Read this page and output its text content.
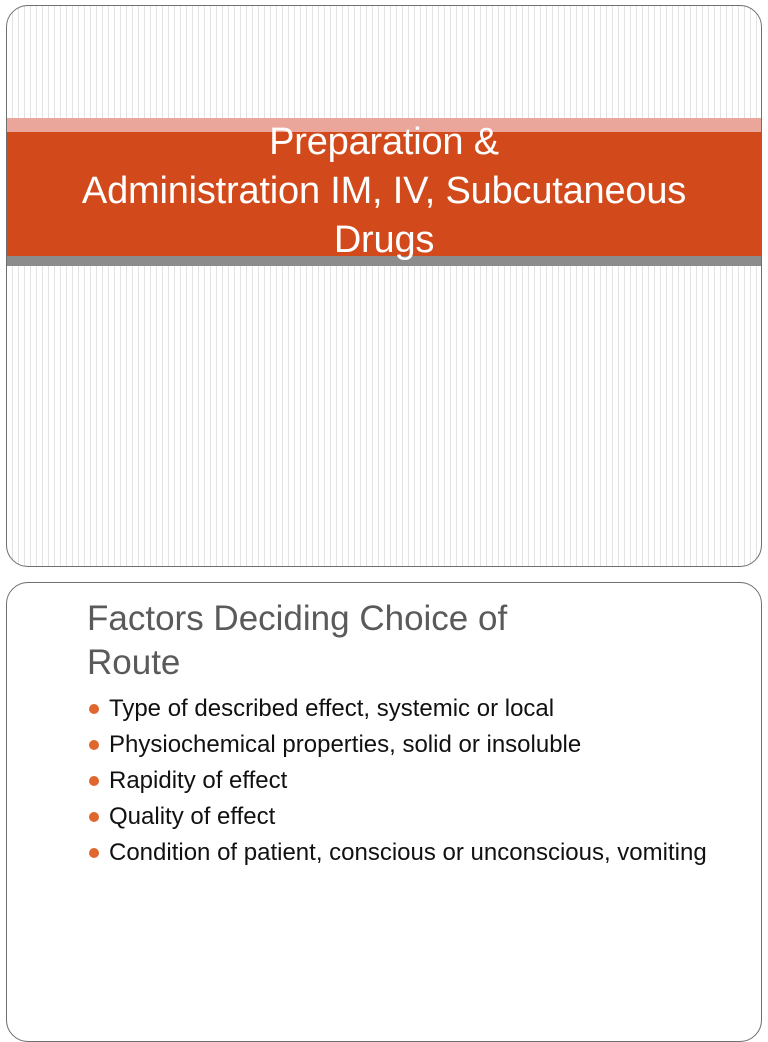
Preparation &
Administration IM, IV, Subcutaneous
Drugs
Factors Deciding Choice of
Route
Type of described effect, systemic or local
Physiochemical properties, solid or insoluble
Rapidity of effect
Quality of effect
Condition of patient, conscious or unconscious, vomiting
